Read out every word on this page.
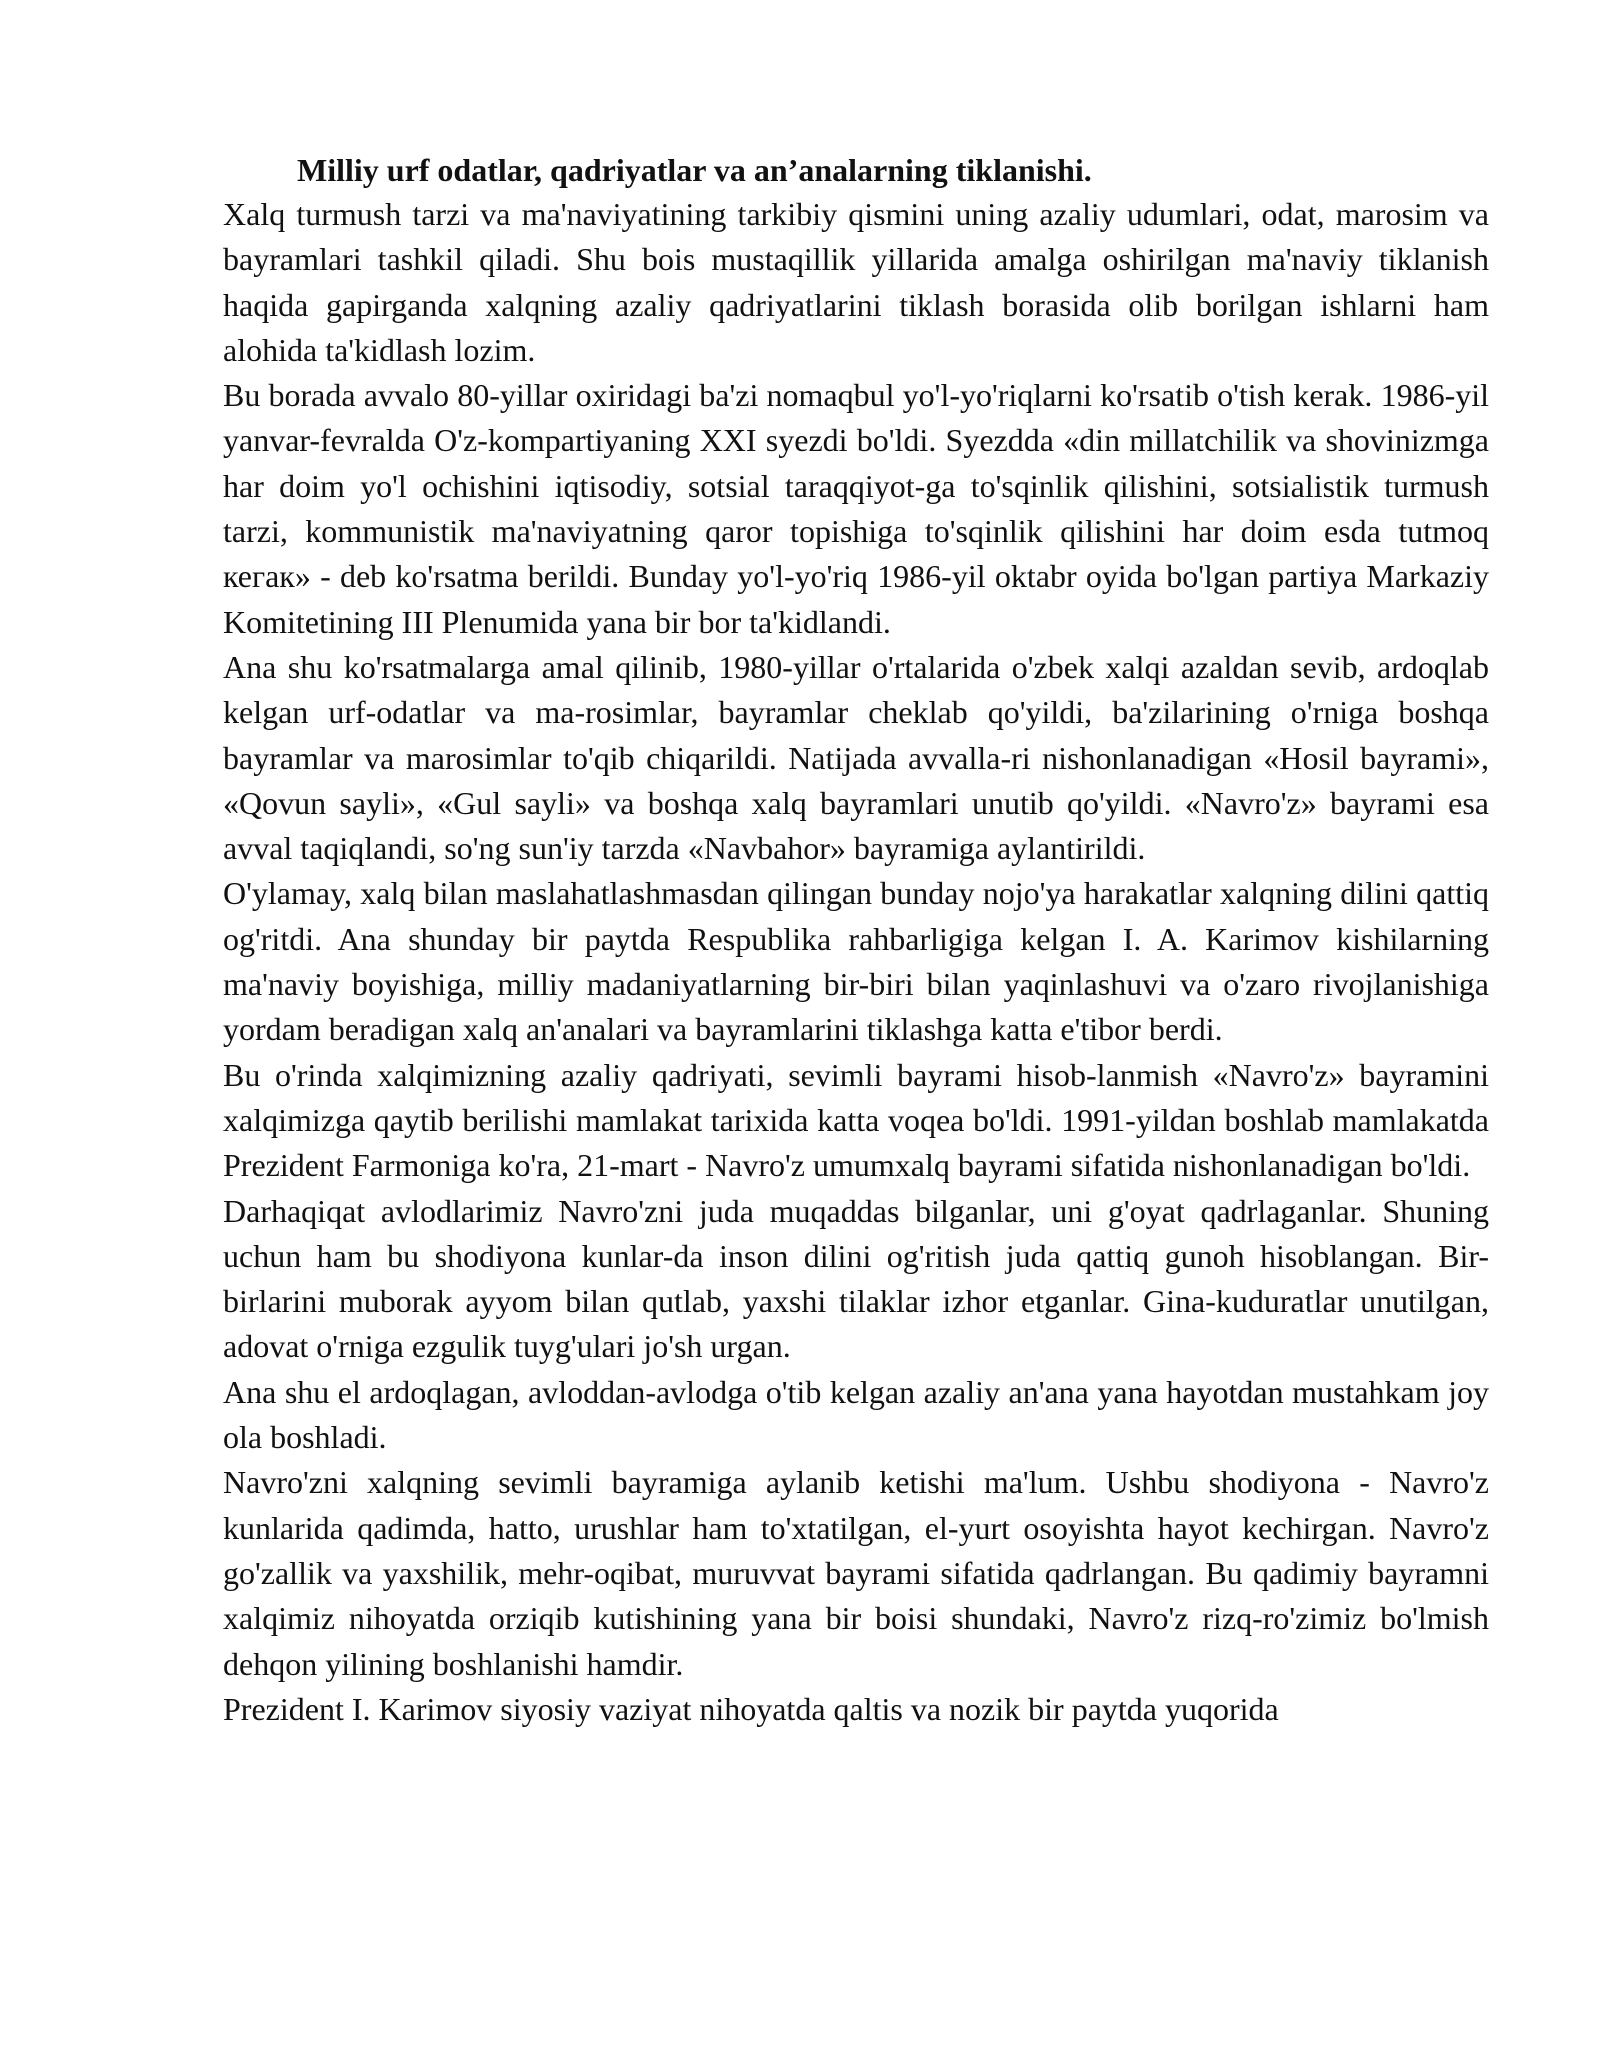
Milliy urf odatlar, qadriyatlar va an’analarning tiklanishi.

Xalq turmush tarzi va ma'naviyatining tarkibiy qismini uning azaliy udumlari, odat, marosim va bayramlari tashkil qiladi. Shu bois mustaqillik yillarida amalga oshirilgan ma'naviy tiklanish haqida gapirganda xalqning azaliy qadriyatlarini tiklash borasida olib borilgan ishlarni ham alohida ta'kidlash lozim.

Bu borada avvalo 80-yillar oxiridagi ba'zi nomaqbul yo'l-yo'riqlarni ko'rsatib o'tish kerak. 1986-yil yanvar-fevralda O'z-kompartiyaning XXI syezdi bo'ldi. Syezdda «din millatchilik va shovinizmga har doim yo'l ochishini iqtisodiy, sotsial taraqqiyot-ga to'sqinlik qilishini, sotsialistik turmush tarzi, kommunistik ma'naviyatning qaror topishiga to'sqinlik qilishini har doim esda tutmoq кегак» - deb ko'rsatma berildi. Bunday yo'l-yo'riq 1986-yil oktabr oyida bo'lgan partiya Markaziy Komitetining III Plenumida yana bir bor ta'kidlandi.

Ana shu ko'rsatmalarga amal qilinib, 1980-yillar o'rtalarida o'zbek xalqi azaldan sevib, ardoqlab kelgan urf-odatlar va ma-rosimlar, bayramlar cheklab qo'yildi, ba'zilarining o'rniga boshqa bayramlar va marosimlar to'qib chiqarildi. Natijada avvalla-ri nishonlanadigan «Hosil bayrami», «Qovun sayli», «Gul sayli» va boshqa xalq bayramlari unutib qo'yildi. «Navro'z» bayrami esa avval taqiqlandi, so'ng sun'iy tarzda «Navbahor» bayramiga aylantirildi.

O'ylamay, xalq bilan maslahatlashmasdan qilingan bunday nojo'ya harakatlar xalqning dilini qattiq og'ritdi. Ana shunday bir paytda Respublika rahbarligiga kelgan I. A. Karimov kishilarning ma'naviy boyishiga, milliy madaniyatlarning bir-biri bilan yaqinlashuvi va o'zaro rivojlanishiga yordam beradigan xalq an'analari va bayramlarini tiklashga katta e'tibor berdi.

Bu o'rinda xalqimizning azaliy qadriyati, sevimli bayrami hisob-lanmish «Navro'z» bayramini xalqimizga qaytib berilishi mamlakat tarixida katta voqea bo'ldi. 1991-yildan boshlab mamlakatda Prezident Farmoniga ko'ra, 21-mart - Navro'z umumxalq bayrami sifatida nishonlanadigan bo'ldi.

Darhaqiqat avlodlarimiz Navro'zni juda muqaddas bilganlar, uni g'oyat qadrlaganlar. Shuning uchun ham bu shodiyona kunlar-da inson dilini og'ritish juda qattiq gunoh hisoblangan. Bir-birlarini muborak ayyom bilan qutlab, yaxshi tilaklar izhor etganlar. Gina-kuduratlar unutilgan, adovat o'rniga ezgulik tuyg'ulari jo'sh urgan.

Ana shu el ardoqlagan, avloddan-avlodga o'tib kelgan azaliy an'ana yana hayotdan mustahkam joy ola boshladi.

Navro'zni xalqning sevimli bayramiga aylanib ketishi ma'lum. Ushbu shodiyona - Navro'z kunlarida qadimda, hatto, urushlar ham to'xtatilgan, el-yurt osoyishta hayot kechirgan. Navro'z go'zallik va yaxshilik, mehr-oqibat, muruvvat bayrami sifatida qadrlangan. Bu qadimiy bayramni xalqimiz nihoyatda orziqib kutishining yana bir boisi shundaki, Navro'z rizq-ro'zimiz bo'lmish dehqon yilining boshlanishi hamdir.

Prezident I. Karimov siyosiy vaziyat nihoyatda qaltis va nozik bir paytda yuqorida
